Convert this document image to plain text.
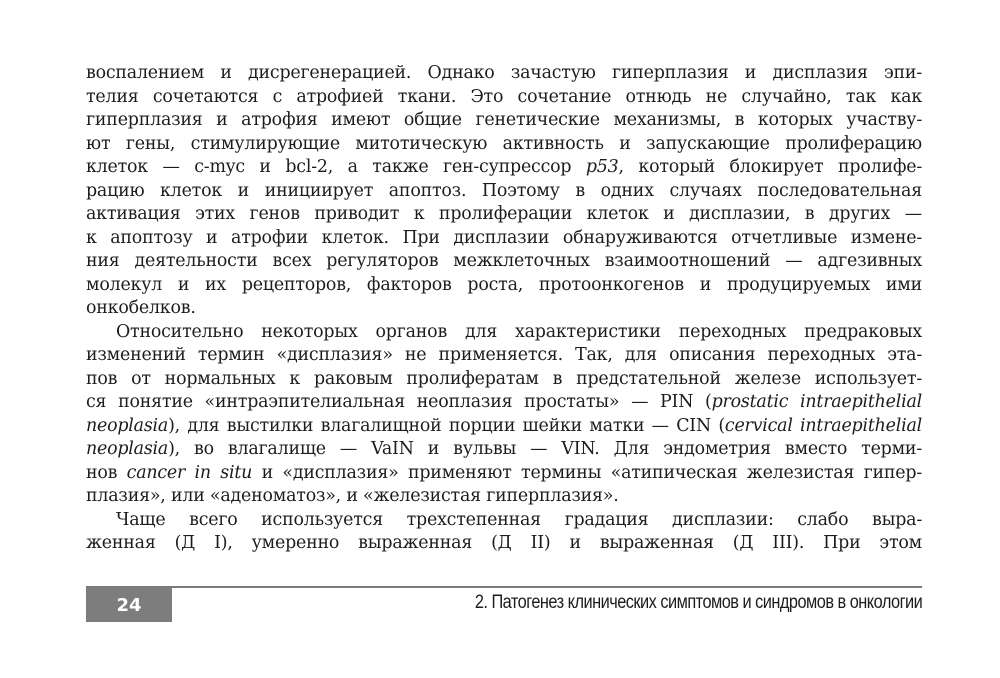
воспалением и дисрегенерацией. Однако зачастую гиперплазия и дисплазия эпи-
телия сочетаются с атрофией ткани. Это сочетание отнюдь не случайно, так как
гиперплазия и атрофия имеют общие генетические механизмы, в которых участву-
ют гены, стимулирующие митотическую активность и запускающие пролиферацию
клеток — c-myc и bcl-2, а также ген-супрессор p53, который блокирует пролифе-
рацию клеток и инициирует апоптоз. Поэтому в одних случаях последовательная
активация этих генов приводит к пролиферации клеток и дисплазии, в других —
к апоптозу и атрофии клеток. При дисплазии обнаруживаются отчетливые измене-
ния деятельности всех регуляторов межклеточных взаимоотношений — адгезивных
молекул и их рецепторов, факторов роста, протоонкогенов и продуцируемых ими
онкобелков.
Относительно некоторых органов для характеристики переходных предраковых
изменений термин «дисплазия» не применяется. Так, для описания переходных эта-
пов от нормальных к раковым пролифератам в предстательной железе использует-
ся понятие «интраэпителиальная неоплазия простаты» — PIN (prostatic intraepithelial
neoplasia), для выстилки влагалищной порции шейки матки — CIN (cervical intraepithelial
neoplasia), во влагалище — VaIN и вульвы — VIN. Для эндометрия вместо терми-
нов cancer in situ и «дисплазия» применяют термины «атипическая железистая гипер-
плазия», или «аденоматоз», и «железистая гиперплазия».
Чаще всего используется трехстепенная градация дисплазии: слабо выра-
женная (Д I), умеренно выраженная (Д II) и выраженная (Д III). При этом
24	2. Патогенез клинических симптомов и синдромов в онкологии
